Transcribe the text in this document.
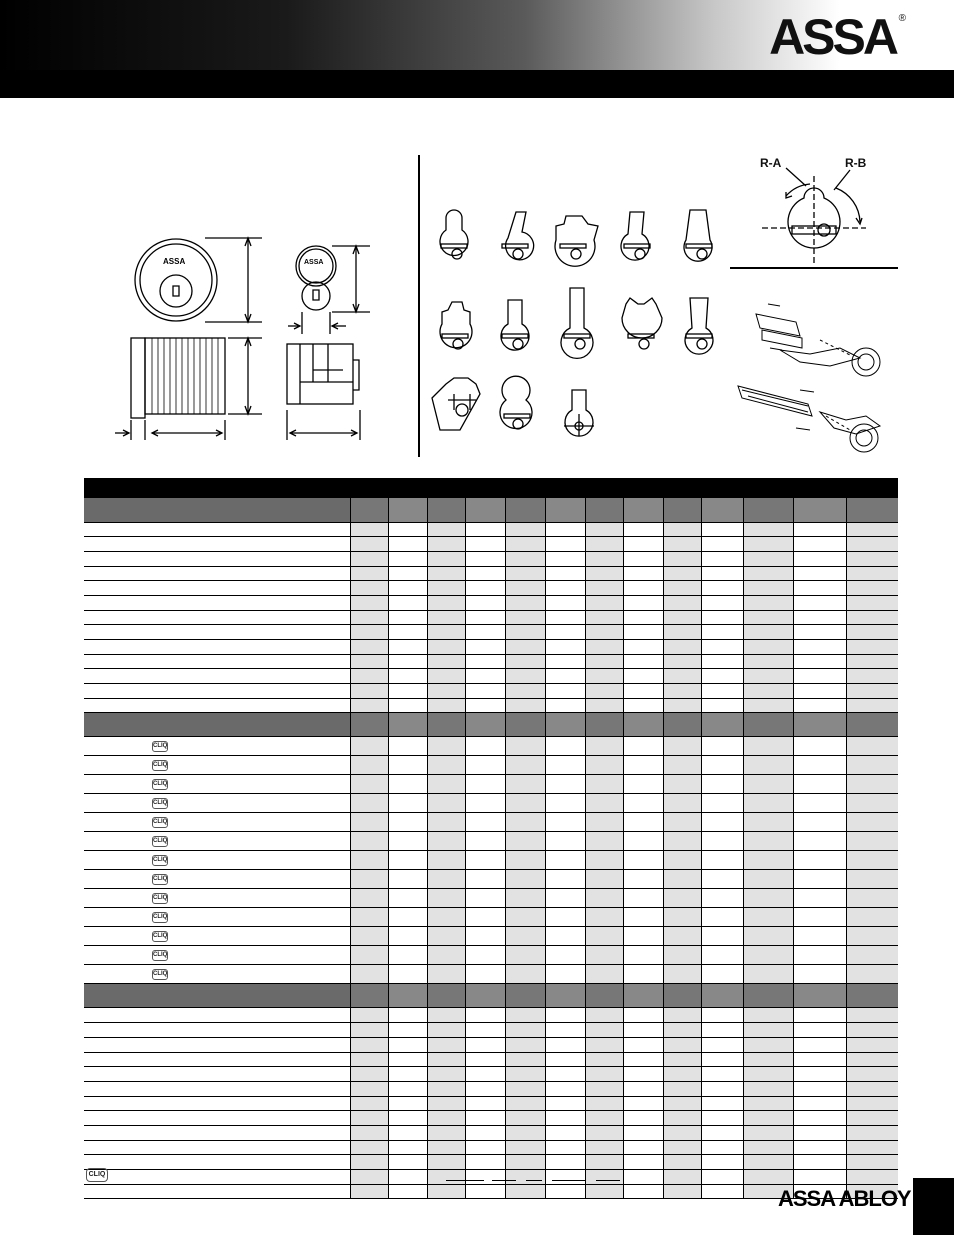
ASSA ®
ASSA	ASSA
R-A	R-B

CLIQ													
CLIQ													
CLIQ													
CLIQ													
CLIQ													
CLIQ													
CLIQ													
CLIQ													
CLIQ													
CLIQ													
CLIQ													
CLIQ													
CLIQ													

CLIQ
ASSA ABLOY
